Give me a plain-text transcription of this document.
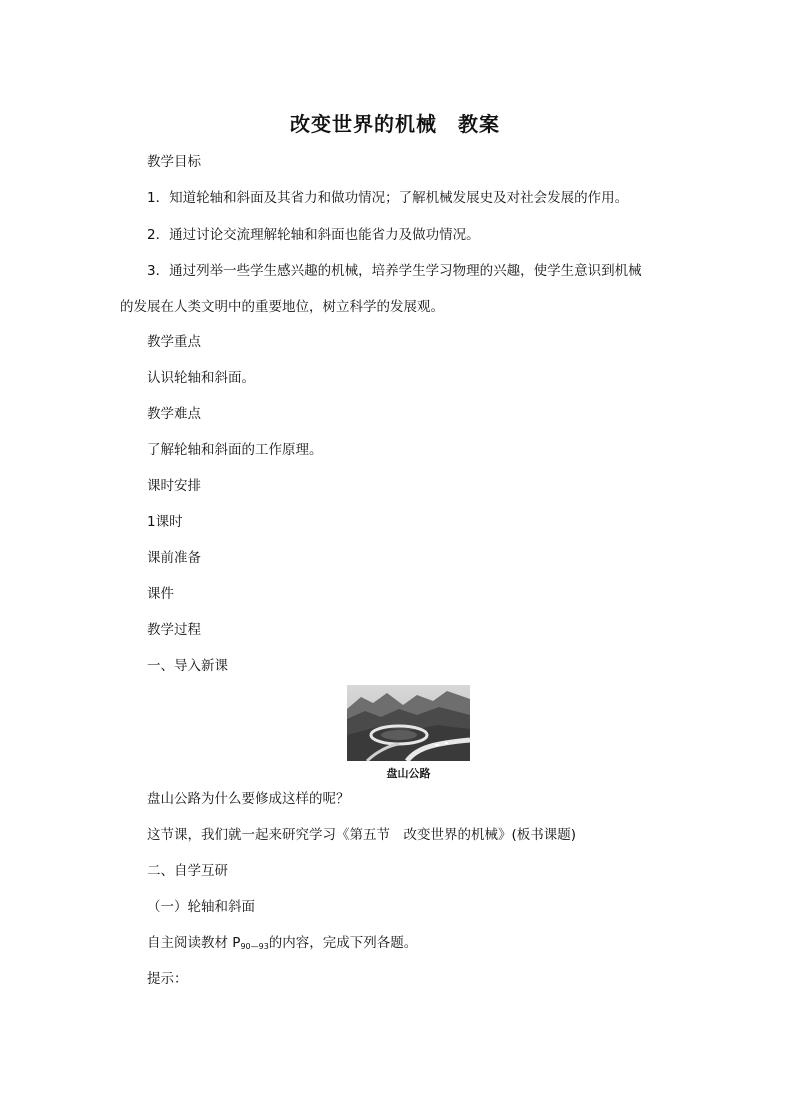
改变世界的机械　教案
教学目标
1．知道轮轴和斜面及其省力和做功情况；了解机械发展史及对社会发展的作用。
2．通过讨论交流理解轮轴和斜面也能省力及做功情况。
3．通过列举一些学生感兴趣的机械，培养学生学习物理的兴趣，使学生意识到机械
的发展在人类文明中的重要地位，树立科学的发展观。
教学重点
认识轮轴和斜面。
教学难点
了解轮轴和斜面的工作原理。
课时安排
1课时
课前准备
课件
教学过程
一、导入新课
盘山公路
盘山公路为什么要修成这样的呢？
这节课，我们就一起来研究学习《第五节　改变世界的机械》(板书课题)
二、自学互研
（一）轮轴和斜面
自主阅读教材 $P_{90—93}$的内容，完成下列各题。
提示：
